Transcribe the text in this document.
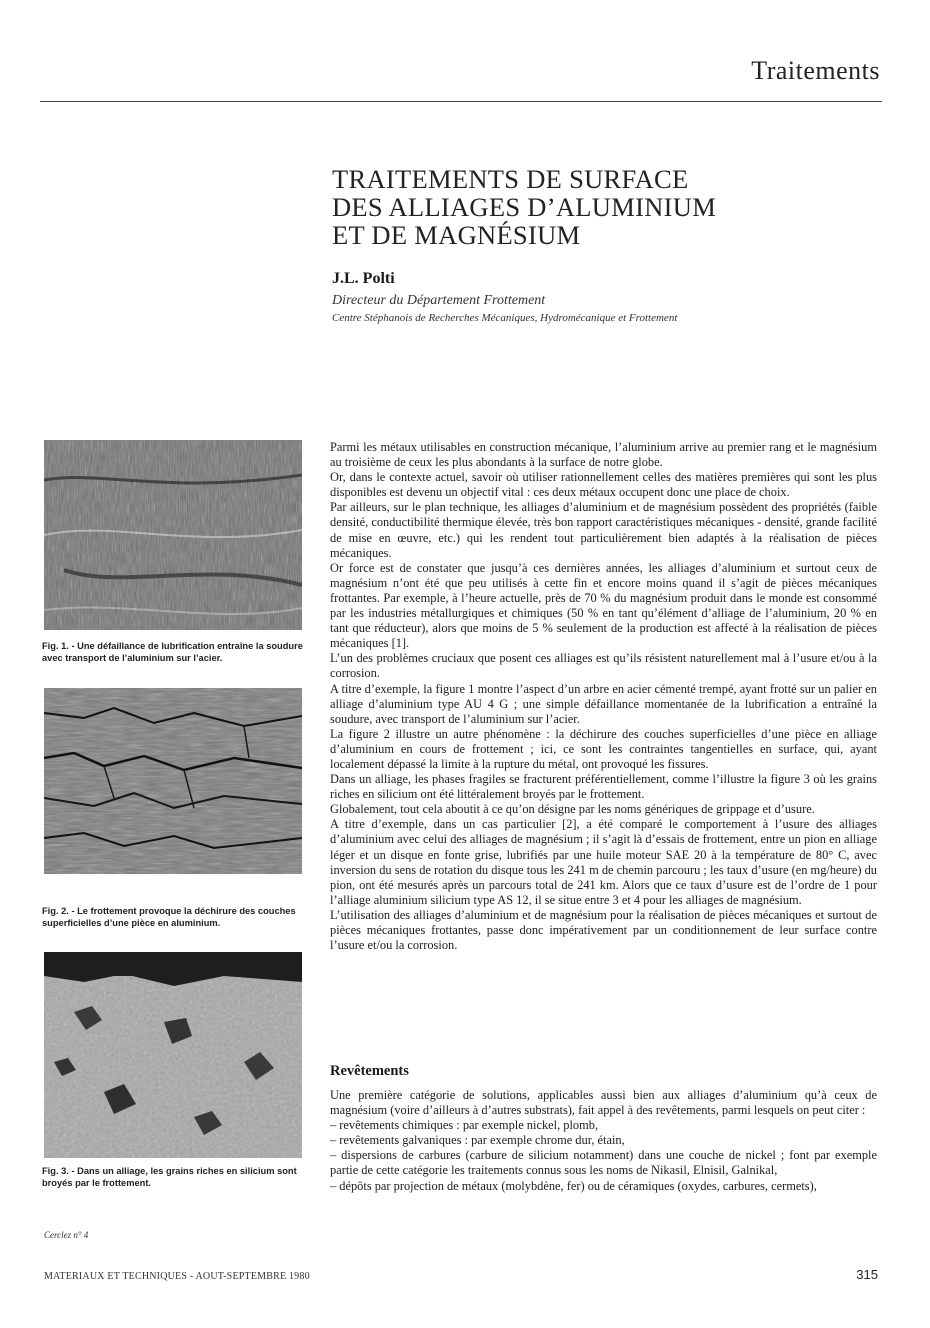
Traitements
TRAITEMENTS DE SURFACE
DES ALLIAGES D’ALUMINIUM
ET DE MAGNÉSIUM
J.L. Polti
Directeur du Département Frottement
Centre Stéphanois de Recherches Mécaniques, Hydromécanique et Frottement
Fig. 1. - Une défaillance de lubrification entraîne la soudure avec transport de l’aluminium sur l’acier.
Fig. 2. - Le frottement provoque la déchirure des couches superficielles d’une pièce en aluminium.
Fig. 3. - Dans un alliage, les grains riches en silicium sont broyés par le frottement.
Cerclez n° 4

Parmi les métaux utilisables en construction mécanique, l’aluminium arrive au premier rang et le magnésium au troisième de ceux les plus abondants à la surface de notre globe.

Or, dans le contexte actuel, savoir où utiliser rationnellement celles des matières premières qui sont les plus disponibles est devenu un objectif vital : ces deux métaux occupent donc une place de choix.

Par ailleurs, sur le plan technique, les alliages d’aluminium et de magnésium possèdent des propriétés (faible densité, conductibilité thermique élevée, très bon rapport caractéristiques mécaniques - densité, grande facilité de mise en œuvre, etc.) qui les rendent tout particulièrement bien adaptés à la réalisation de pièces mécaniques.

Or force est de constater que jusqu’à ces dernières années, les alliages d’aluminium et surtout ceux de magnésium n’ont été que peu utilisés à cette fin et encore moins quand il s’agit de pièces mécaniques frottantes. Par exemple, à l’heure actuelle, près de 70 % du magnésium produit dans le monde est consommé par les industries métallurgiques et chimiques (50 % en tant qu’élément d’alliage de l’aluminium, 20 % en tant que réducteur), alors que moins de 5 % seulement de la production est affecté à la réalisation de pièces mécaniques [1].

L’un des problèmes cruciaux que posent ces alliages est qu’ils résistent naturellement mal à l’usure et/ou à la corrosion.

A titre d’exemple, la figure 1 montre l’aspect d’un arbre en acier cémenté trempé, ayant frotté sur un palier en alliage d’aluminium type AU 4 G ; une simple défaillance momentanée de la lubrification a entraîné la soudure, avec transport de l’aluminium sur l’acier.

La figure 2 illustre un autre phénomène : la déchirure des couches superficielles d’une pièce en alliage d’aluminium en cours de frottement ; ici, ce sont les contraintes tangentielles en surface, qui, ayant localement dépassé la limite à la rupture du métal, ont provoqué les fissures.

Dans un alliage, les phases fragiles se fracturent préférentiellement, comme l’illustre la figure 3 où les grains riches en silicium ont été littéralement broyés par le frottement.

Globalement, tout cela aboutit à ce qu’on désigne par les noms génériques de grippage et d’usure.

A titre d’exemple, dans un cas particulier [2], a été comparé le comportement à l’usure des alliages d’aluminium avec celui des alliages de magnésium ; il s’agit là d’essais de frottement, entre un pion en alliage léger et un disque en fonte grise, lubrifiés par une huile moteur SAE 20 à la température de 80° C, avec inversion du sens de rotation du disque tous les 241 m de chemin parcouru ; les taux d’usure (en mg/heure) du pion, ont été mesurés après un parcours total de 241 km. Alors que ce taux d’usure est de l’ordre de 1 pour l’alliage aluminium silicium type AS 12, il se situe entre 3 et 4 pour les alliages de magnésium.

L’utilisation des alliages d’aluminium et de magnésium pour la réalisation de pièces mécaniques et surtout de pièces mécaniques frottantes, passe donc impérativement par un conditionnement de leur surface contre l’usure et/ou la corrosion.

Revêtements

Une première catégorie de solutions, applicables aussi bien aux alliages d’aluminium qu’à ceux de magnésium (voire d’ailleurs à d’autres substrats), fait appel à des revêtements, parmi lesquels on peut citer :

– revêtements chimiques : par exemple nickel, plomb,

– revêtements galvaniques : par exemple chrome dur, étain,

– dispersions de carbures (carbure de silicium notamment) dans une couche de nickel ; font par exemple partie de cette catégorie les traitements connus sous les noms de Nikasil, Elnisil, Galnikal,

– dépôts par projection de métaux (molybdène, fer) ou de céramiques (oxydes, carbures, cermets),

MATERIAUX ET TECHNIQUES - AOUT-SEPTEMBRE 1980	315
